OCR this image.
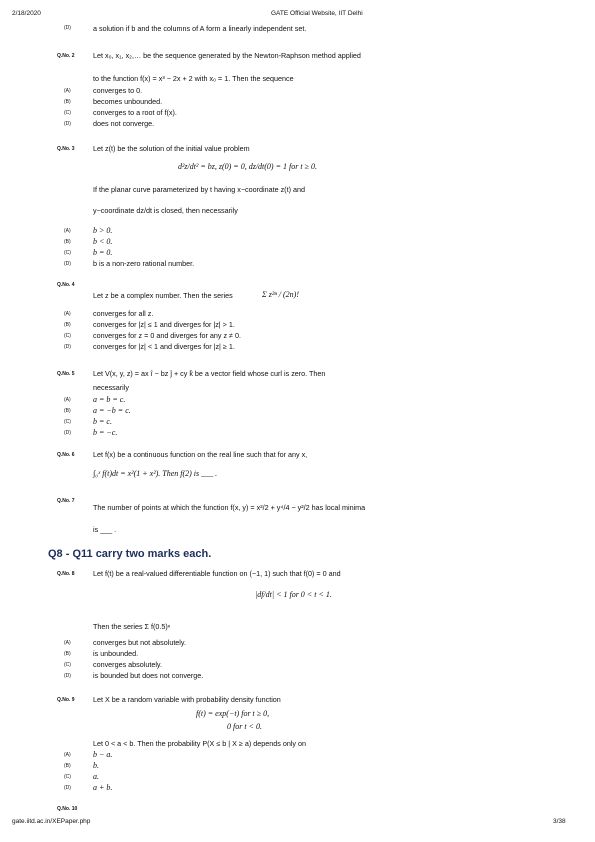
2/18/2020	GATE Official Website, IIT Delhi
(D)	a solution if b and the columns of A form a linearly independent set.
Q.No. 2	Let x₀, x₁, x₂,… be the sequence generated by the Newton-Raphson method applied
to the function f(x) = x³ − 2x + 2 with x₀ = 1. Then the sequence
(A)	converges to 0.
(B)	becomes unbounded.
(C)	converges to a root of f(x).
(D)	does not converge.
Q.No. 3	Let z(t) be the solution of the initial value problem
d²z/dt² = bz, z(0) = 0, dz/dt(0) = 1 for t ≥ 0.
If the planar curve parameterized by t having x−coordinate z(t) and
y−coordinate dz/dt is closed, then necessarily
(A)	b > 0.
(B)	b < 0.
(C)	b = 0.
(D)	b is a non-zero rational number.
Q.No. 4
Let z be a complex number. Then the series	Σ z²ⁿ / (2n)!
(A)	converges for all z.
(B)	converges for |z| ≤ 1 and diverges for |z| > 1.
(C)	converges for z = 0 and diverges for any z ≠ 0.
(D)	converges for |z| < 1 and diverges for |z| ≥ 1.
Q.No. 5	Let V(x, y, z) = ax î − bz ĵ + cy k̂ be a vector field whose curl is zero. Then
necessarily
(A)	a = b = c.
(B)	a = −b = c.
(C)	b = c.
(D)	b = −c.
Q.No. 6	Let f(x) be a continuous function on the real line such that for any x,
∫₀ˣ f(t)dt = x²(1 + x²). Then f(2) is ___ .
Q.No. 7
The number of points at which the function f(x, y) = x²/2 + y⁴/4 − y²/2 has local minima
is ___ .
Q8 - Q11 carry two marks each.
Q.No. 8	Let f(t) be a real-valued differentiable function on (−1, 1) such that f(0) = 0 and
|df/dt| < 1 for 0 < t < 1.
Then the series Σ f(0.5)ⁿ
(A)	converges but not absolutely.
(B)	is unbounded.
(C)	converges absolutely.
(D)	is bounded but does not converge.
Q.No. 9	Let X be a random variable with probability density function
f(t) = exp(−t) for t ≥ 0,
0 for t < 0.
Let 0 < a < b. Then the probability P(X ≤ b | X ≥ a) depends only on
(A)	b − a.
(B)	b.
(C)	a.
(D)	a + b.
Q.No. 10
gate.iitd.ac.in/XEPaper.php	3/38
